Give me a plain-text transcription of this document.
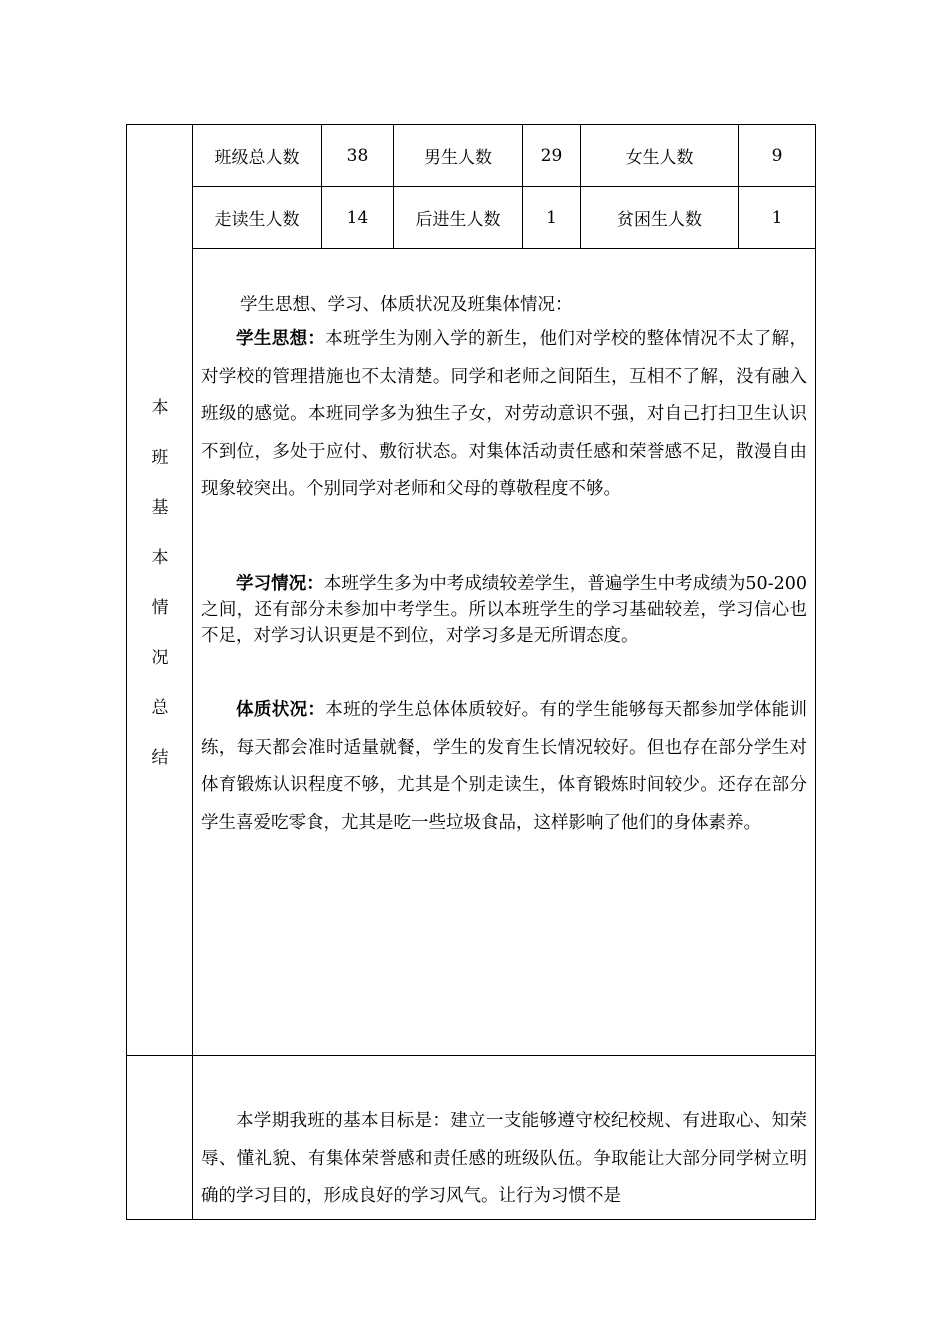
班级总人数	38	男生人数	29	女生人数	9
走读生人数	14	后进生人数	1	贫困生人数	1
本
班
基
本
情
况
总
结
学生思想、学习、体质状况及班集体情况：

学生思想：本班学生为刚入学的新生，他们对学校的整体情况不太了解，对学校的管理措施也不太清楚。同学和老师之间陌生，互相不了解，没有融入班级的感觉。本班同学多为独生子女，对劳动意识不强，对自己打扫卫生认识不到位，多处于应付、敷衍状态。对集体活动责任感和荣誉感不足，散漫自由现象较突出。个别同学对老师和父母的尊敬程度不够。

学习情况：本班学生多为中考成绩较差学生，普遍学生中考成绩为50-200之间，还有部分未参加中考学生。所以本班学生的学习基础较差，学习信心也不足，对学习认识更是不到位，对学习多是无所谓态度。

体质状况：本班的学生总体体质较好。有的学生能够每天都参加学体能训练，每天都会准时适量就餐，学生的发育生长情况较好。但也存在部分学生对体育锻炼认识程度不够，尤其是个别走读生，体育锻炼时间较少。还存在部分学生喜爱吃零食，尤其是吃一些垃圾食品，这样影响了他们的身体素养。

本学期我班的基本目标是：建立一支能够遵守校纪校规、有进取心、知荣辱、懂礼貌、有集体荣誉感和责任感的班级队伍。争取能让大部分同学树立明确的学习目的，形成良好的学习风气。让行为习惯不是
